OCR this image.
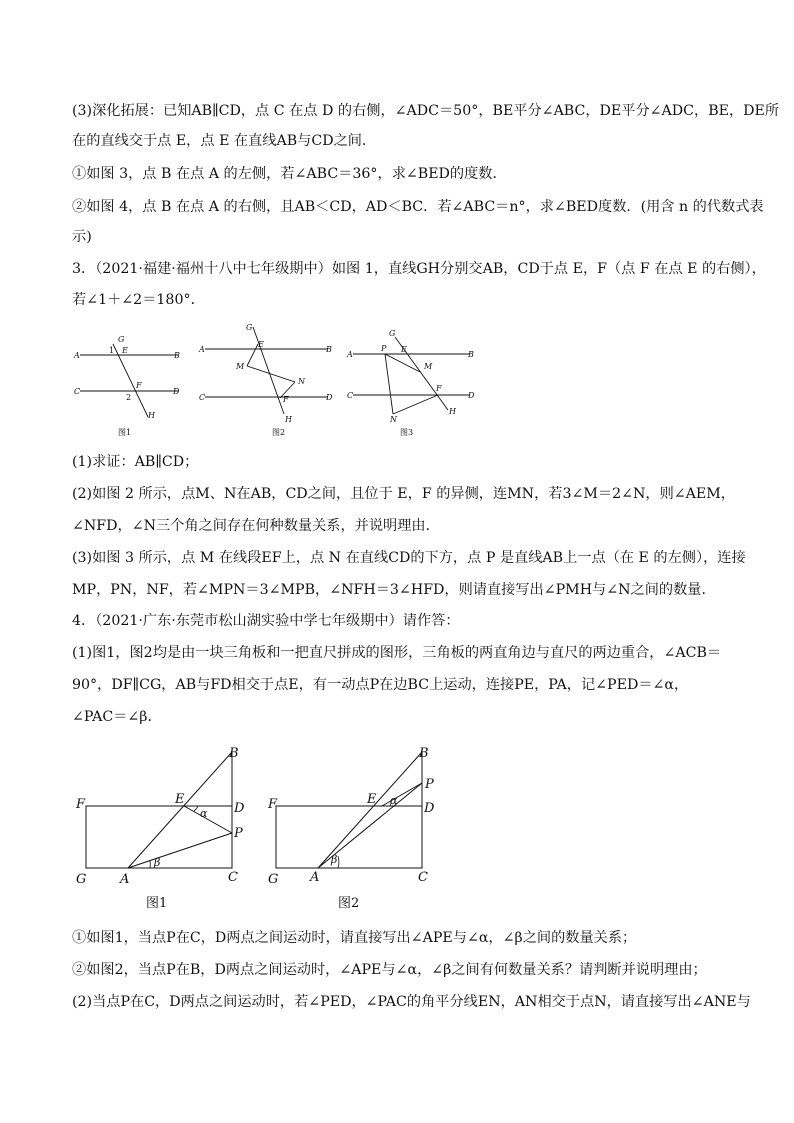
(3)深化拓展：已知AB∥CD，点 C 在点 D 的右侧，∠ADC＝50°，BE平分∠ABC，DE平分∠ADC，BE，DE所
在的直线交于点 E，点 E 在直线AB与CD之间．
①如图 3，点 B 在点 A 的左侧，若∠ABC＝36°，求∠BED的度数．
②如图 4，点 B 在点 A 的右侧，且AB＜CD，AD＜BC．若∠ABC＝n°，求∠BED度数．(用含 n 的代数式表
示)
3．（2021·福建·福州十八中七年级期中）如图 1，直线GH分别交AB，CD于点 E，F（点 F 在点 E 的右侧），
若∠1＋∠2＝180°．
G
1 E
A	B
C
F
D
2
H
图1
G
A
E
B
M
N
C	F	D
H
图2
G
P E
A	B
M
F
C	D
N
H
图3
(1)求证：AB∥CD；
(2)如图 2 所示，点M、N在AB，CD之间，且位于 E，F 的异侧，连MN，若3∠M＝2∠N，则∠AEM，
∠NFD，∠N三个角之间存在何种数量关系，并说明理由．
(3)如图 3 所示，点 M 在线段EF上，点 N 在直线CD的下方，点 P 是直线AB上一点（在 E 的左侧），连接
MP，PN，NF，若∠MPN＝3∠MPB，∠NFH＝3∠HFD，则请直接写出∠PMH与∠N之间的数量．
4．（2021·广东·东莞市松山湖实验中学七年级期中）请作答：
(1)图1，图2均是由一块三角板和一把直尺拼成的图形，三角板的两直角边与直尺的两边重合，∠ACB＝
90°，DF∥CG，AB与FD相交于点E，有一动点P在边BC上运动，连接PE，PA，记∠PED＝∠α，
∠PAC＝∠β．
B
F	E
D
α
P
β
G	A	C
图1
B
P
F	E α
D
β
G A	C
图2
①如图1，当点P在C，D两点之间运动时，请直接写出∠APE与∠α，∠β之间的数量关系；
②如图2，当点P在B，D两点之间运动时，∠APE与∠α，∠β之间有何数量关系？请判断并说明理由；
(2)当点P在C，D两点之间运动时，若∠PED，∠PAC的角平分线EN，AN相交于点N，请直接写出∠ANE与
